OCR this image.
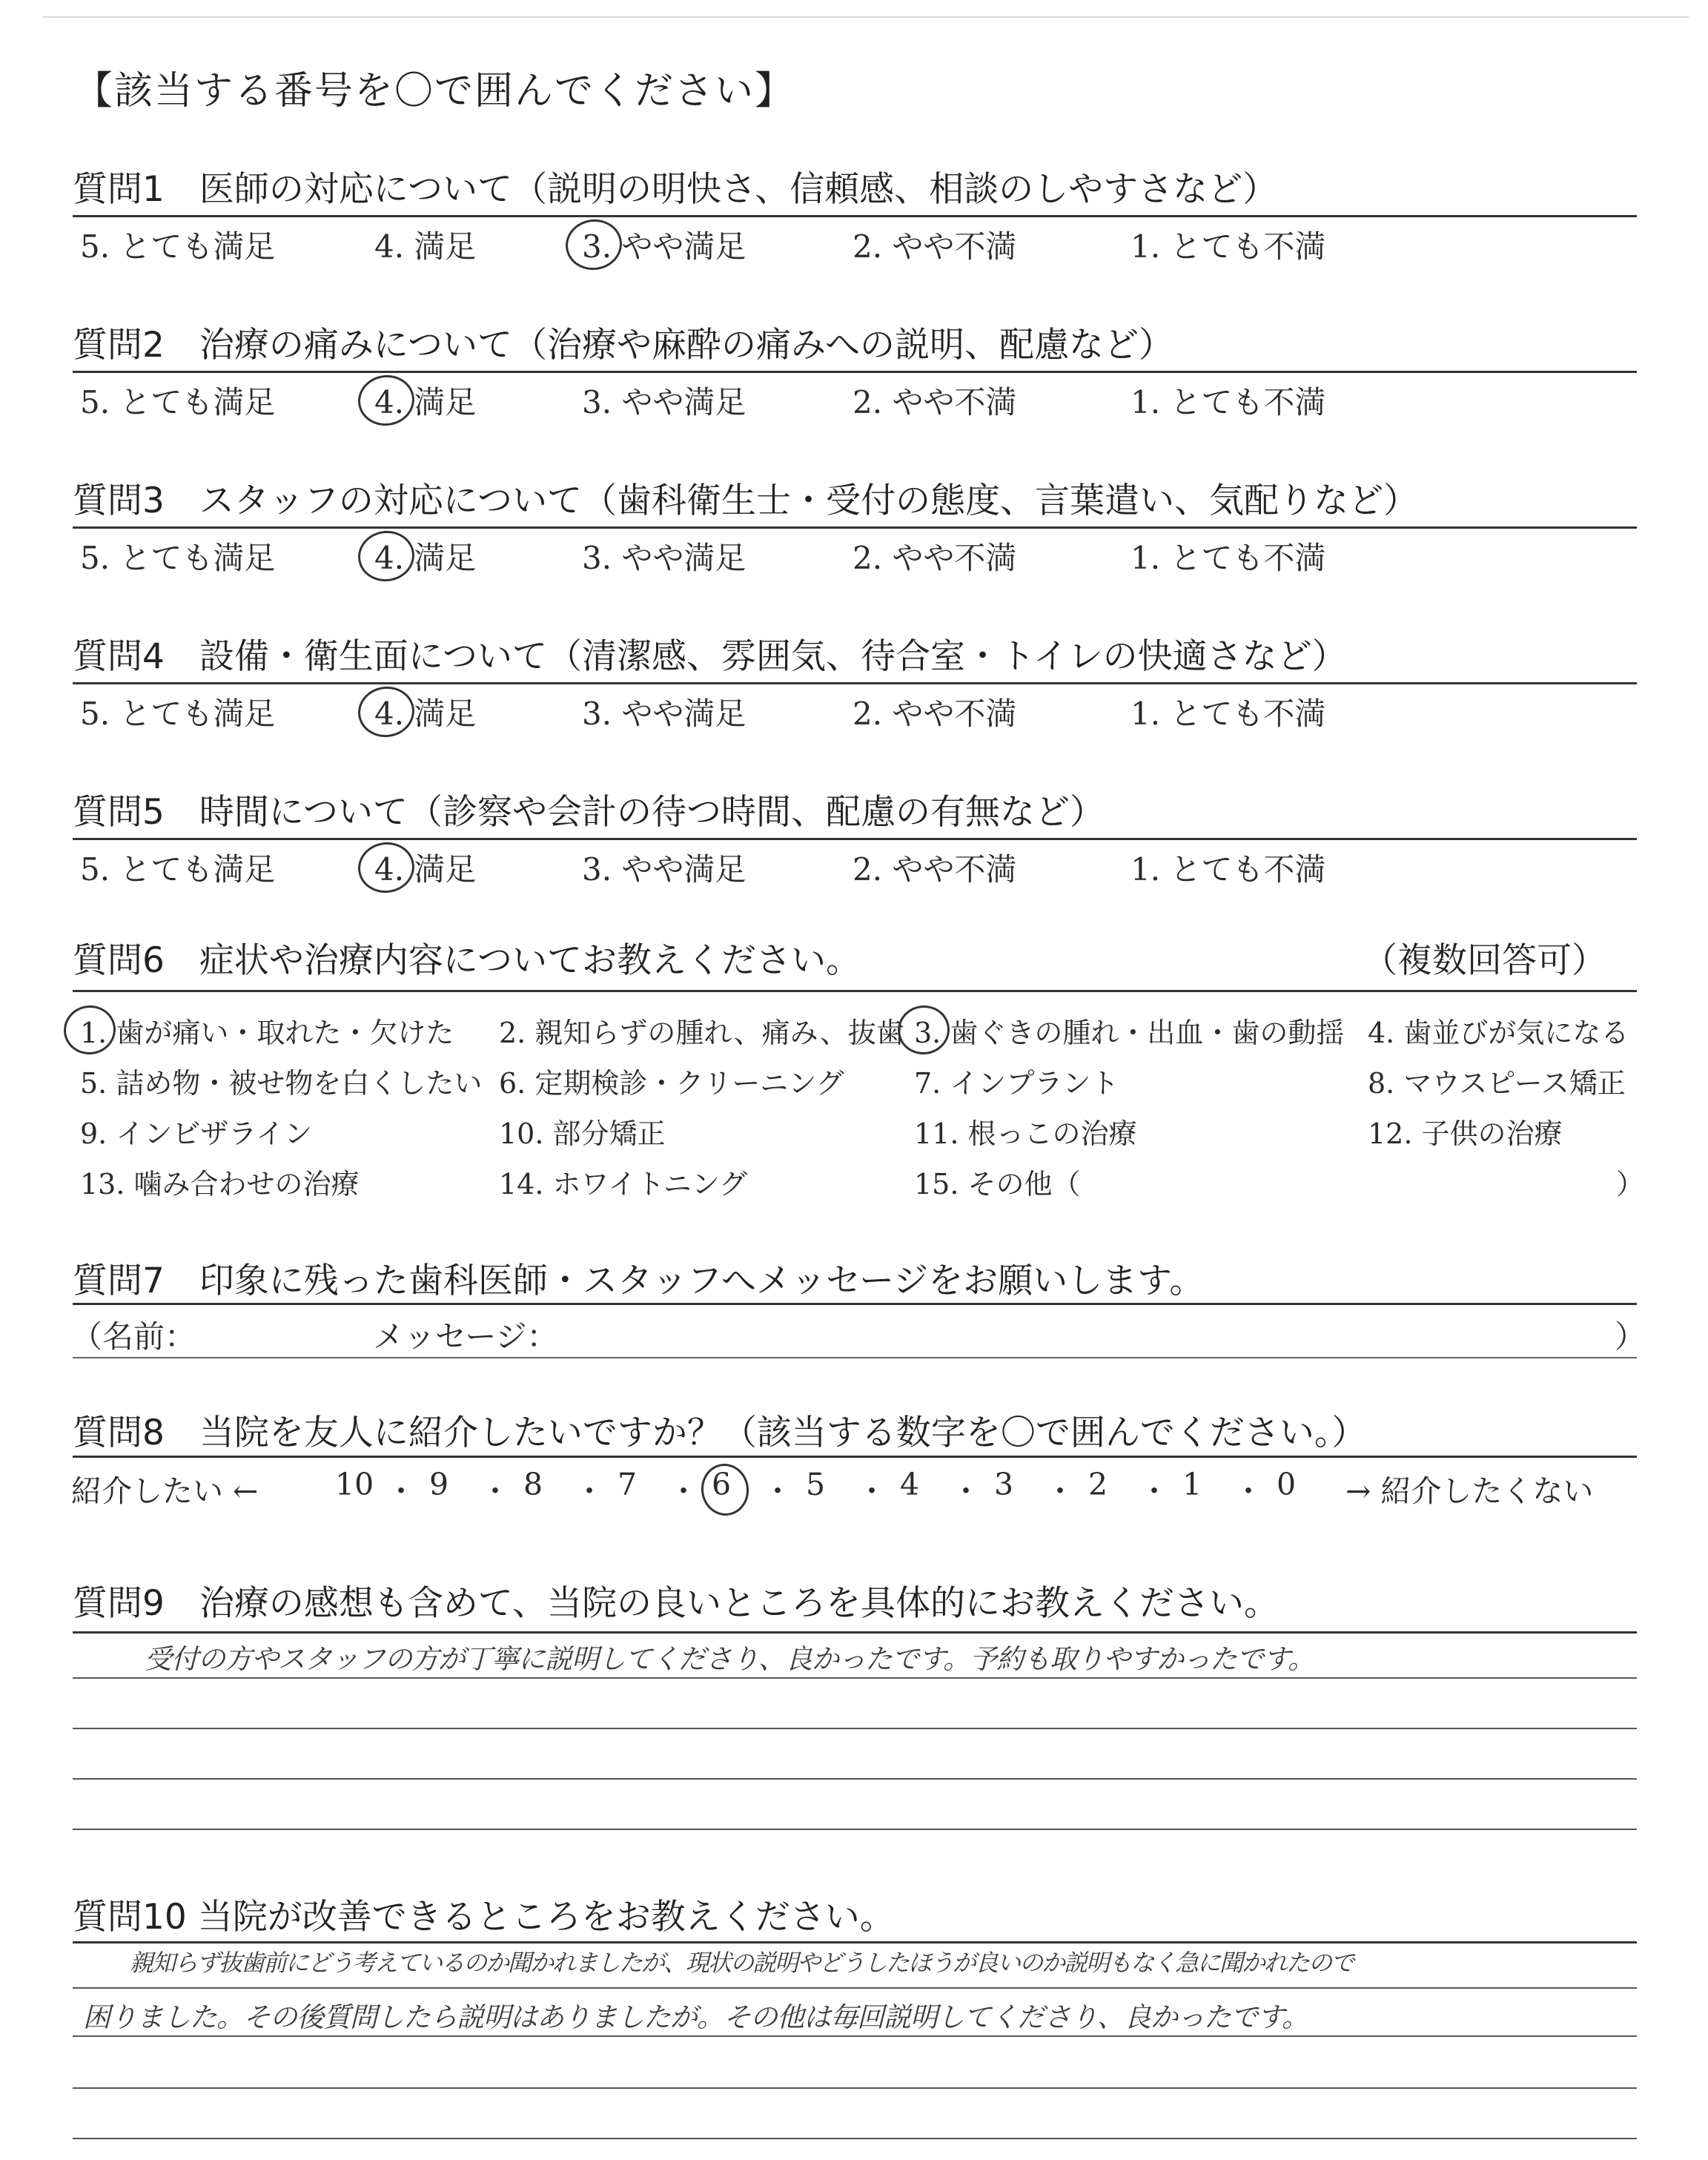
【該当する番号を〇で囲んでください】
質問1　医師の対応について（説明の明快さ、信頼感、相談のしやすさなど）
5. とても満足	4. 満足	3. やや満足	2. やや不満	1. とても不満
質問2　治療の痛みについて（治療や麻酔の痛みへの説明、配慮など）
5. とても満足	4. 満足	3. やや満足	2. やや不満	1. とても不満
質問3　スタッフの対応について（歯科衛生士・受付の態度、言葉遣い、気配りなど）
5. とても満足	4. 満足	3. やや満足	2. やや不満	1. とても不満
質問4　設備・衛生面について（清潔感、雰囲気、待合室・トイレの快適さなど）
5. とても満足	4. 満足	3. やや満足	2. やや不満	1. とても不満
質問5　時間について（診察や会計の待つ時間、配慮の有無など）
5. とても満足	4. 満足	3. やや満足	2. やや不満	1. とても不満
質問6　症状や治療内容についてお教えください。	（複数回答可）
1. 歯が痛い・取れた・欠けた 2. 親知らずの腫れ、痛み、抜歯 3. 歯ぐきの腫れ・出血・歯の動揺 4. 歯並びが気になる
5. 詰め物・被せ物を白くしたい 6. 定期検診・クリーニング 7. インプラント	8. マウスピース矯正
9. インビザライン	10. 部分矯正	11. 根っこの治療	12. 子供の治療
13. 噛み合わせの治療	14. ホワイトニング	15. その他（	）
質問7　印象に残った歯科医師・スタッフへメッセージをお願いします。
（名前：	メッセージ：	）
質問8　当院を友人に紹介したいですか？（該当する数字を〇で囲んでください。）
紹介したい ←	→ 紹介したくない
10 ・ 9 ・ 8 ・ 7 ・ 6 ・ 5 ・ 4 ・ 3 ・ 2 ・ 1 ・ 0
質問9　治療の感想も含めて、当院の良いところを具体的にお教えください。
受付の方やスタッフの方が丁寧に説明してくださり、良かったです。予約も取りやすかったです。
質問10 当院が改善できるところをお教えください。
親知らず抜歯前にどう考えているのか聞かれましたが、現状の説明やどうしたほうが良いのか説明もなく急に聞かれたので
困りました。その後質問したら説明はありましたが。その他は毎回説明してくださり、良かったです。
